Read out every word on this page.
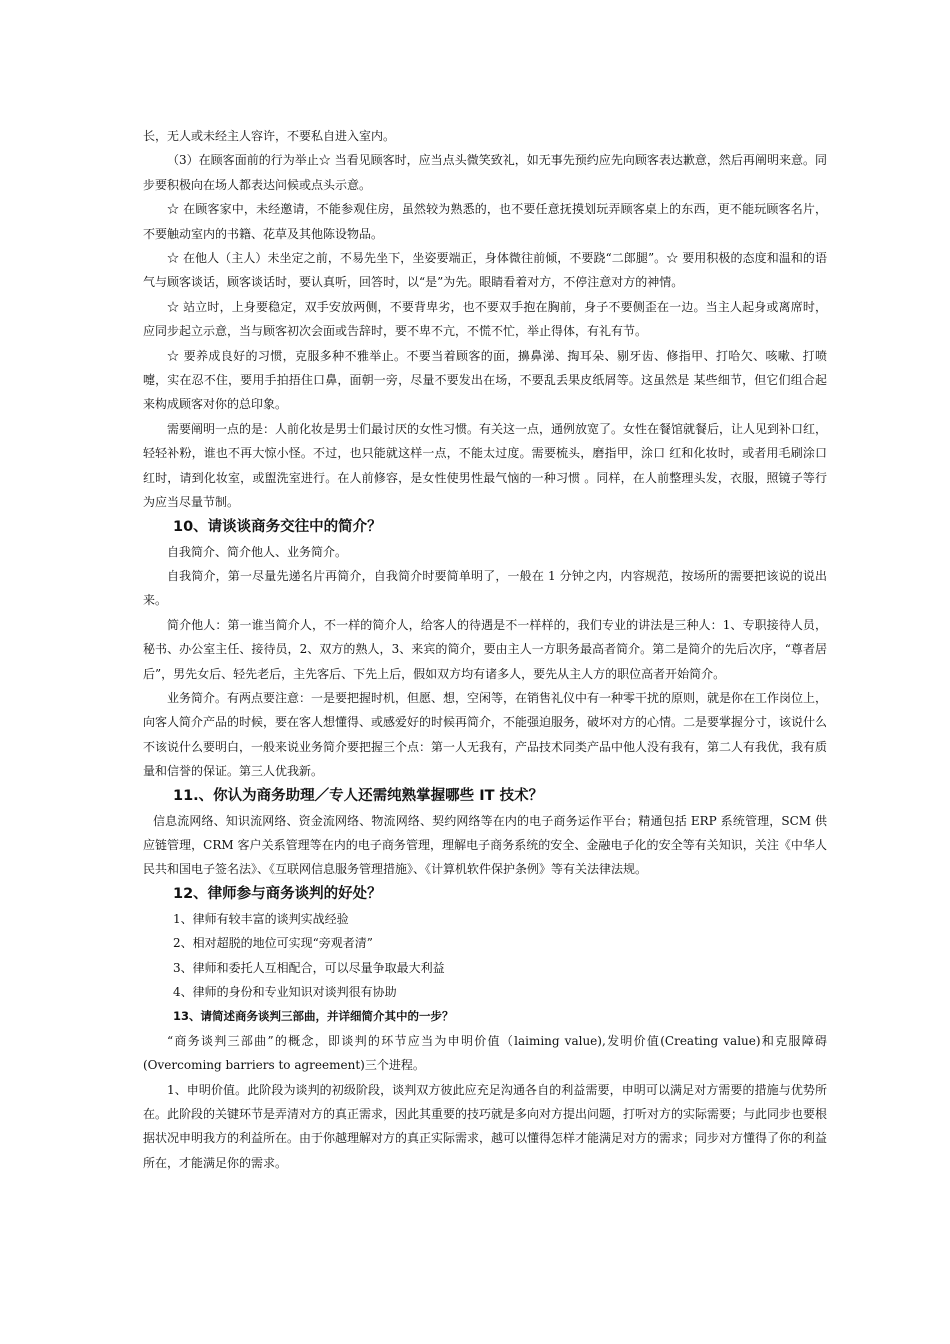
长，无人或未经主人容许，不要私自进入室内。

（3）在顾客面前的行为举止☆ 当看见顾客时，应当点头微笑致礼，如无事先预约应先向顾客表达歉意，然后再阐明来意。同步要积极向在场人都表达问候或点头示意。

☆ 在顾客家中，未经邀请，不能参观住房，虽然较为熟悉的，也不要任意抚摸划玩弄顾客桌上的东西，更不能玩顾客名片，不要触动室内的书籍、花草及其他陈设物品。

☆ 在他人（主人）未坐定之前，不易先坐下，坐姿要端正，身体微往前倾，不要跷“二郎腿”。☆ 要用积极的态度和温和的语气与顾客谈话，顾客谈话时，要认真听，回答时，以“是”为先。眼睛看着对方，不停注意对方的神情。

☆ 站立时，上身要稳定，双手安放两侧，不要背卑劣，也不要双手抱在胸前，身子不要侧歪在一边。当主人起身或离席时，应同步起立示意，当与顾客初次会面或告辞时，要不卑不亢，不慌不忙，举止得体，有礼有节。

☆ 要养成良好的习惯，克服多种不雅举止。不要当着顾客的面，擤鼻涕、掏耳朵、剔牙齿、修指甲、打哈欠、咳嗽、打喷嚏，实在忍不住，要用手拍捂住口鼻，面朝一旁，尽量不要发出在场，不要乱丢果皮纸屑等。这虽然是 某些细节，但它们组合起来构成顾客对你的总印象。

需要阐明一点的是：人前化妆是男士们最讨厌的女性习惯。有关这一点，通例放宽了。女性在餐馆就餐后，让人见到补口红，轻轻补粉，谁也不再大惊小怪。不过，也只能就这样一点，不能太过度。需要梳头，磨指甲，涂口 红和化妆时，或者用毛刷涂口红时，请到化妆室，或盥洗室进行。在人前修容，是女性使男性最气恼的一种习惯 。同样，在人前整理头发，衣服，照镜子等行为应当尽量节制。

10、请谈谈商务交往中的简介？

自我简介、简介他人、业务简介。

自我简介，第一尽量先递名片再简介，自我简介时要简单明了，一般在 1 分钟之内，内容规范，按场所的需要把该说的说出来。

简介他人：第一谁当简介人，不一样的简介人，给客人的待遇是不一样样的，我们专业的讲法是三种人：1、专职接待人员，秘书、办公室主任、接待员，2、双方的熟人，3、来宾的简介，要由主人一方职务最高者简介。第二是简介的先后次序，“尊者居后”，男先女后、轻先老后，主先客后、下先上后，假如双方均有诸多人，要先从主人方的职位高者开始简介。

业务简介。有两点要注意：一是要把握时机，但愿、想，空闲等，在销售礼仪中有一种零干扰的原则，就是你在工作岗位上，向客人简介产品的时候，要在客人想懂得、或感爱好的时候再简介，不能强迫服务，破坏对方的心情。二是要掌握分寸，该说什么不该说什么要明白，一般来说业务简介要把握三个点：第一人无我有，产品技术同类产品中他人没有我有，第二人有我优，我有质量和信誉的保证。第三人优我新。

11.、你认为商务助理／专人还需纯熟掌握哪些 IT 技术？

信息流网络、知识流网络、资金流网络、物流网络、契约网络等在内的电子商务运作平台；精通包括 ERP 系统管理，SCM 供应链管理，CRM 客户关系管理等在内的电子商务管理，理解电子商务系统的安全、金融电子化的安全等有关知识，关注《中华人民共和国电子签名法》、《互联网信息服务管理措施》、《计算机软件保护条例》等有关法律法规。

12、律师参与商务谈判的好处？

1、律师有较丰富的谈判实战经验

2、相对超脱的地位可实现“旁观者清”

3、律师和委托人互相配合，可以尽量争取最大利益

4、律师的身份和专业知识对谈判很有协助

13、请简述商务谈判三部曲，并详细简介其中的一步？

“商务谈判三部曲”的概念，即谈判的环节应当为申明价值（laiming value),发明价值(Creating value)和克服障碍(Overcoming barriers to agreement)三个进程。

1、申明价值。此阶段为谈判的初级阶段，谈判双方彼此应充足沟通各自的利益需要，申明可以满足对方需要的措施与优势所在。此阶段的关键环节是弄清对方的真正需求，因此其重要的技巧就是多向对方提出问题，打听对方的实际需要；与此同步也要根据状况申明我方的利益所在。由于你越理解对方的真正实际需求，越可以懂得怎样才能满足对方的需求；同步对方懂得了你的利益所在，才能满足你的需求。
